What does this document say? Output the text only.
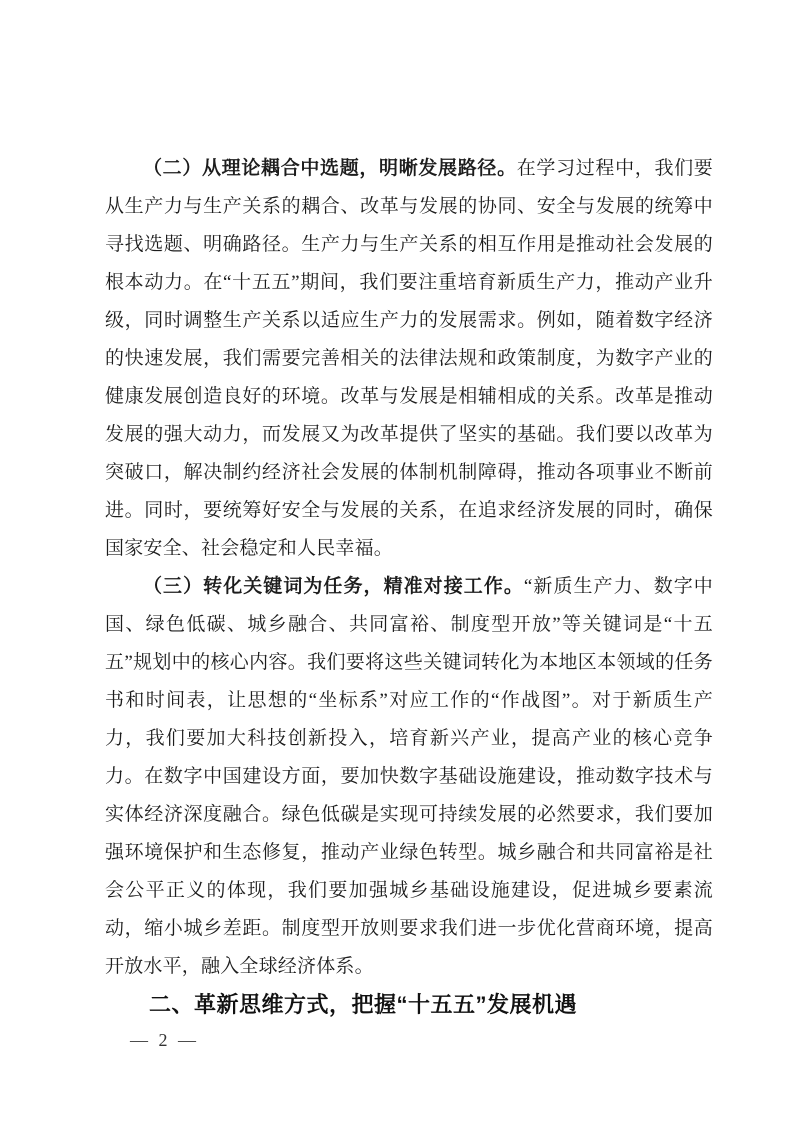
（二）从理论耦合中选题，明晰发展路径。在学习过程中，我们要从生产力与生产关系的耦合、改革与发展的协同、安全与发展的统筹中寻找选题、明确路径。生产力与生产关系的相互作用是推动社会发展的根本动力。在“十五五”期间，我们要注重培育新质生产力，推动产业升级，同时调整生产关系以适应生产力的发展需求。例如，随着数字经济的快速发展，我们需要完善相关的法律法规和政策制度，为数字产业的健康发展创造良好的环境。改革与发展是相辅相成的关系。改革是推动发展的强大动力，而发展又为改革提供了坚实的基础。我们要以改革为突破口，解决制约经济社会发展的体制机制障碍，推动各项事业不断前进。同时，要统筹好安全与发展的关系，在追求经济发展的同时，确保国家安全、社会稳定和人民幸福。

（三）转化关键词为任务，精准对接工作。“新质生产力、数字中国、绿色低碳、城乡融合、共同富裕、制度型开放”等关键词是“十五五”规划中的核心内容。我们要将这些关键词转化为本地区本领域的任务书和时间表，让思想的“坐标系”对应工作的“作战图”。对于新质生产力，我们要加大科技创新投入，培育新兴产业，提高产业的核心竞争力。在数字中国建设方面，要加快数字基础设施建设，推动数字技术与实体经济深度融合。绿色低碳是实现可持续发展的必然要求，我们要加强环境保护和生态修复，推动产业绿色转型。城乡融合和共同富裕是社会公平正义的体现，我们要加强城乡基础设施建设，促进城乡要素流动，缩小城乡差距。制度型开放则要求我们进一步优化营商环境，提高开放水平，融入全球经济体系。

二、革新思维方式，把握“十五五”发展机遇
— 2 —
